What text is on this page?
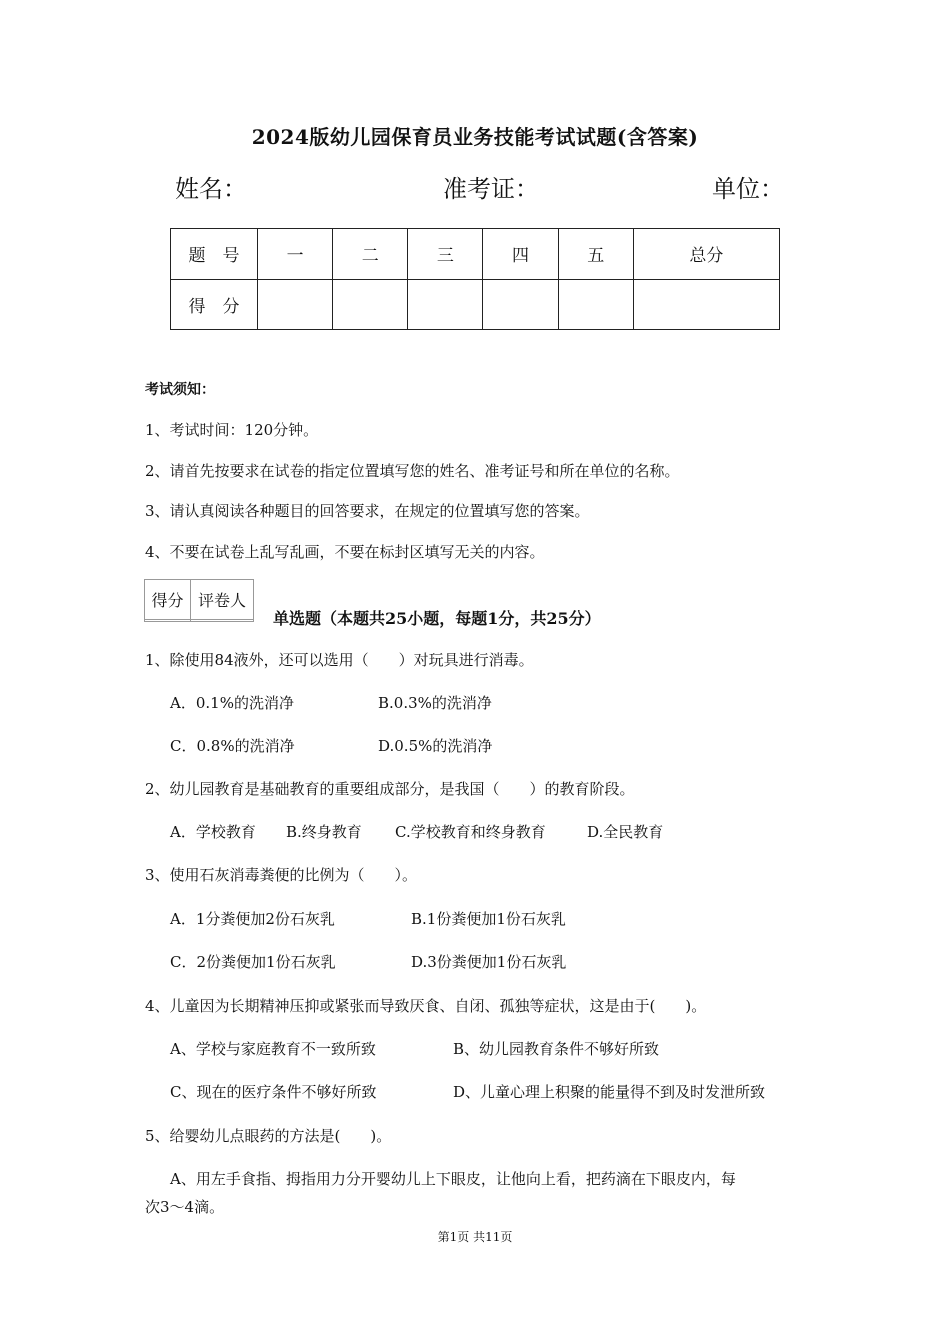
2024版幼儿园保育员业务技能考试试题(含答案)
姓名：	准考证：	单位：
题　号	一	二	三	四	五	总分
得　分						
考试须知：
1、考试时间：120分钟。
2、请首先按要求在试卷的指定位置填写您的姓名、准考证号和所在单位的名称。
3、请认真阅读各种题目的回答要求，在规定的位置填写您的答案。
4、不要在试卷上乱写乱画，不要在标封区填写无关的内容。
得分	评卷人

单选题（本题共25小题，每题1分，共25分）
1、除使用84液外，还可以选用（　　）对玩具进行消毒。
A．0.1%的洗消净	B.0.3%的洗消净
C．0.8%的洗消净	D.0.5%的洗消净
2、幼儿园教育是基础教育的重要组成部分，是我国（　　）的教育阶段。
A．学校教育 B.终身教育 C.学校教育和终身教育	D.全民教育
3、使用石灰消毒粪便的比例为（　　）。
A．1分粪便加2份石灰乳	B.1份粪便加1份石灰乳
C．2份粪便加1份石灰乳	D.3份粪便加1份石灰乳
4、儿童因为长期精神压抑或紧张而导致厌食、自闭、孤独等症状，这是由于(　　)。
A、学校与家庭教育不一致所致	B、幼儿园教育条件不够好所致
C、现在的医疗条件不够好所致	D、儿童心理上积聚的能量得不到及时发泄所致
5、给婴幼儿点眼药的方法是(　　)。
A、用左手食指、拇指用力分开婴幼儿上下眼皮，让他向上看，把药滴在下眼皮内，每
次3～4滴。
第1页 共11页
